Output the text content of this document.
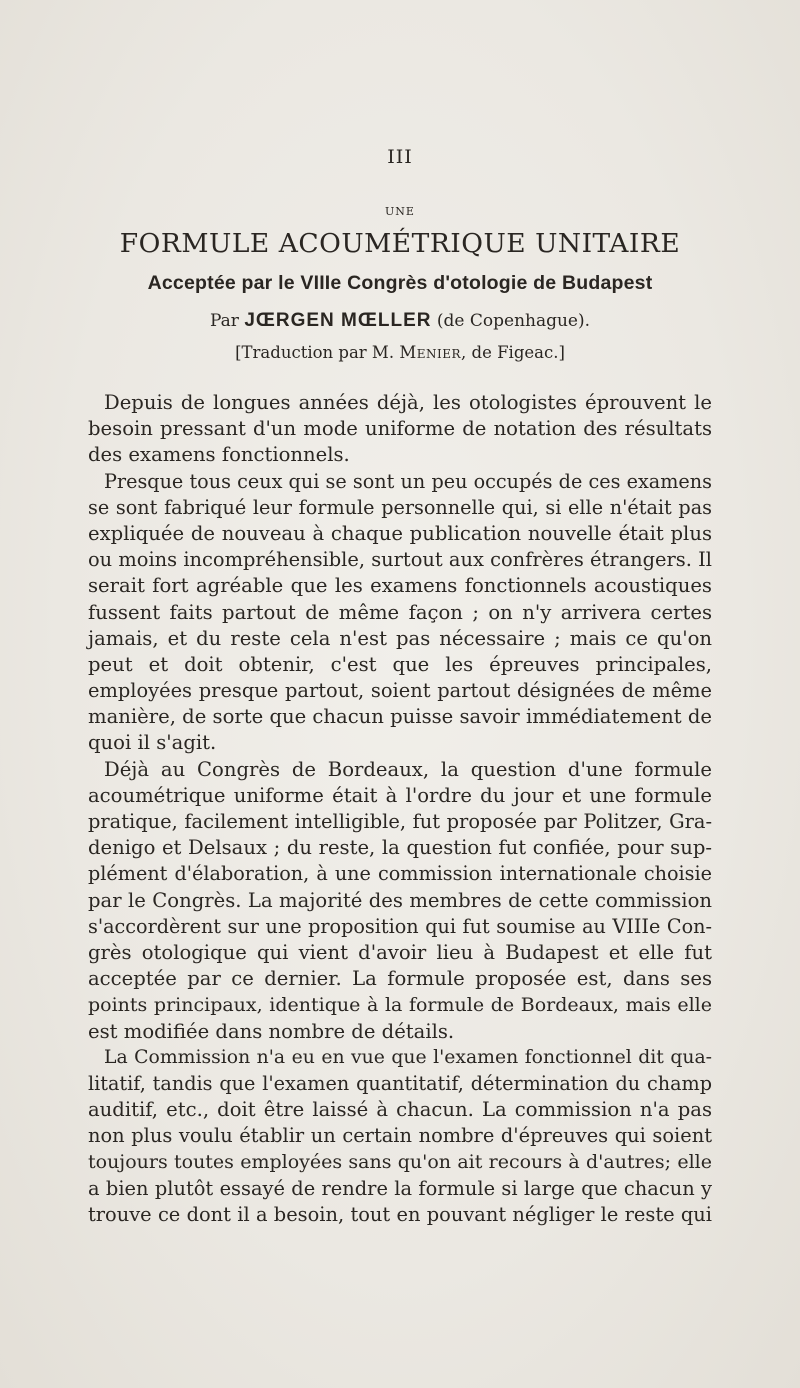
III
UNE
FORMULE ACOUMÉTRIQUE UNITAIRE
Acceptée par le VIIIe Congrès d'otologie de Budapest
Par JŒRGEN MŒLLER (de Copenhague).
[Traduction par M. Menier, de Figeac.]
Depuis de longues années déjà, les otologistes éprouvent le
besoin pressant d'un mode uniforme de notation des résultats
des examens fonctionnels.
Presque tous ceux qui se sont un peu occupés de ces examens
se sont fabriqué leur formule personnelle qui, si elle n'était pas
expliquée de nouveau à chaque publication nouvelle était plus
ou moins incompréhensible, surtout aux confrères étrangers. Il
serait fort agréable que les examens fonctionnels acoustiques
fussent faits partout de même façon ; on n'y arrivera certes
jamais, et du reste cela n'est pas nécessaire ; mais ce qu'on
peut et doit obtenir, c'est que les épreuves principales,
employées presque partout, soient partout désignées de même
manière, de sorte que chacun puisse savoir immédiatement de
quoi il s'agit.
Déjà au Congrès de Bordeaux, la question d'une formule
acoumétrique uniforme était à l'ordre du jour et une formule
pratique, facilement intelligible, fut proposée par Politzer, Gra-
denigo et Delsaux ; du reste, la question fut confiée, pour sup-
plément d'élaboration, à une commission internationale choisie
par le Congrès. La majorité des membres de cette commission
s'accordèrent sur une proposition qui fut soumise au VIIIe Con-
grès otologique qui vient d'avoir lieu à Budapest et elle fut
acceptée par ce dernier. La formule proposée est, dans ses
points principaux, identique à la formule de Bordeaux, mais elle
est modifiée dans nombre de détails.
La Commission n'a eu en vue que l'examen fonctionnel dit qua-
litatif, tandis que l'examen quantitatif, détermination du champ
auditif, etc., doit être laissé à chacun. La commission n'a pas
non plus voulu établir un certain nombre d'épreuves qui soient
toujours toutes employées sans qu'on ait recours à d'autres; elle
a bien plutôt essayé de rendre la formule si large que chacun y
trouve ce dont il a besoin, tout en pouvant négliger le reste qui
